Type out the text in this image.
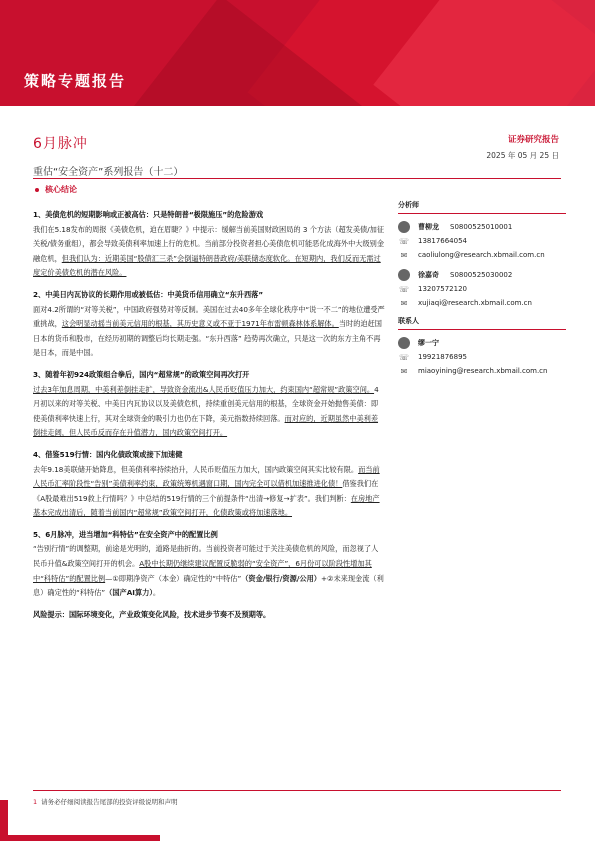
策略专题报告
6月脉冲
重估“安全资产”系列报告（十二）
证券研究报告
2025 年 05 月 25 日
核心结论

1、美债危机的短期影响或正被高估：只是特朗普“极限施压”的危险游戏

我们在5.18发布的周报《美债危机，迫在眉睫？》中提示：缓解当前美国财政困局的 3 个方法（超发美债/加征关税/债务重组），都会导致美债利率加速上行的危机。当前部分投资者担心美债危机可能恶化成海外中大级别金融危机，但我们认为：近期美国“股债汇三杀”会倒逼特朗普政府/美联储态度软化。在短期内，我们反而无需过度定价美债危机的潜在风险。

2、中美日内瓦协议的长期作用或被低估：中美货币信用确立“东升西落”

面对4.2所谓的“对等关税”，中国政府强势对等反制。美国在过去40多年全球化秩序中“说一不二”的地位遭受严重挑战，这会明显动摇当前美元信用的根基，其历史意义或不亚于1971年布雷顿森林体系解体。当时的迫赶国日本的货币和股市，在经历初期的调整后均长期走强。“东升西落” 趋势再次确立，只是这一次的东方主角不再是日本，而是中国。

3、随着年初924政策组合拳后，国内“超常规”的政策空间再次打开

过去3年加息周期，中美利差倒挂走扩，导致资金流出&人民币贬值压力加大，约束国内“超常规”政策空间。4月初以来的对等关税、中美日内瓦协议以及美债危机，持续重创美元信用的根基，全球资金开始抛售美债：即使美债利率快速上行，其对全球资金的吸引力也仍在下降，美元指数持续回落。而对应的，近期虽然中美利差倒挂走阔，但人民币反而存在升值潜力，国内政策空间打开。

4、借鉴519行情：国内化债政策或接下加速健

去年9.18美联储开始降息，但美债利率持续抬升，人民币贬值压力加大，国内政策空间其实比较有限。而当前人民币汇率阶段性“告别”美债利率约束，政策统筹机遇窗口期，国内完全可以借机加速推进化债！借鉴我们在《A股最难出519救上行情吗？》中总结的519行情的三个前提条件“出清→修复→扩表”。我们判断：在房地产基本完成出清后，随着当前国内“超常规”政策空间打开，化债政策或将加速落地。

5、6月脉冲，进当增加“科特估”在安全资产中的配置比例

“告别行情”的调整期，前途是光明的，道路是曲折的。当前投资者可能过于关注美债危机的风险，而忽视了人民币升值&政策空间打开的机会。A股中长期仍继续建议配置反脆弱的“安全资产”，6月份可以阶段性增加其中“科特估”的配置比例—①即期净资产（本金）确定性的“中特估”（资金/银行/资源/公用）+②未来现金流（利息）确定性的“科特估”（国产AI算力）。

风险提示：国际环境变化，产业政策变化风险，技术进步节奏不及预期等。

分析师
曹柳龙	S0800525010001
☏ 13817664054
✉	caoliulong@research.xbmail.com.cn
徐嘉奇	S0800525030002
☏ 13207572120
✉	xujiaqi@research.xbmail.com.cn
联系人
缪一宁
☏ 19921876895
✉	miaoyining@research.xbmail.com.cn
1 请务必仔细阅读报告尾部的投资评级说明和声明
